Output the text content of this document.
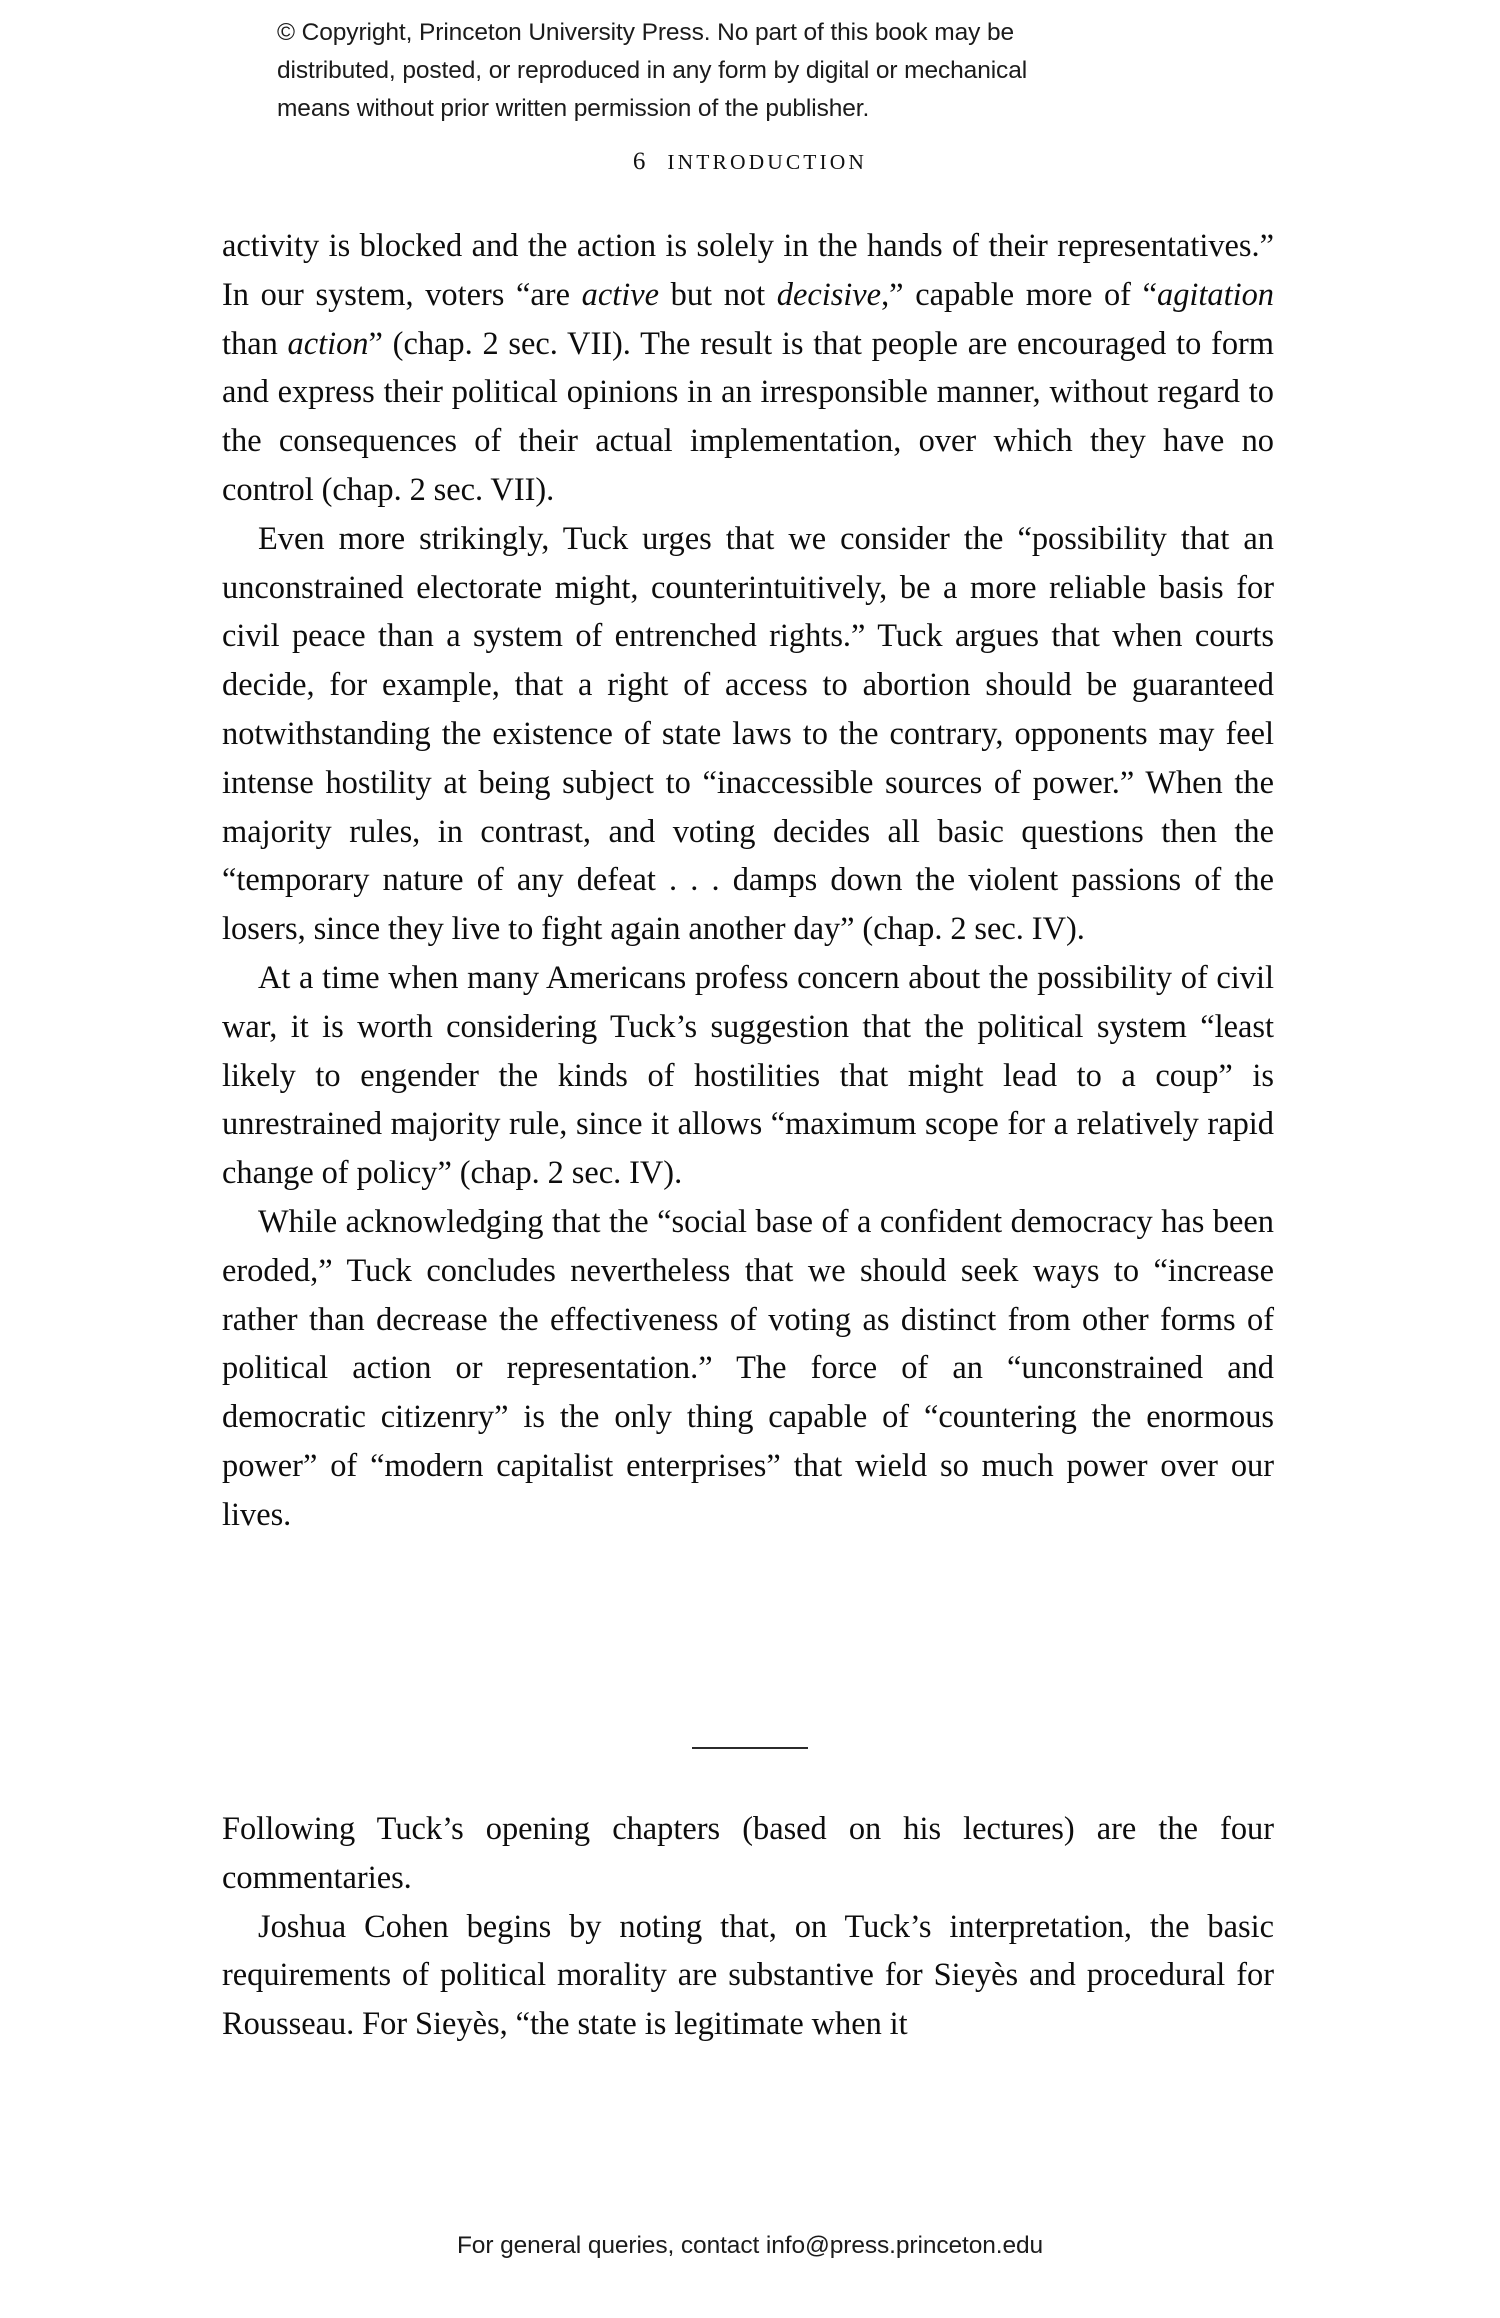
© Copyright, Princeton University Press. No part of this book may be
distributed, posted, or reproduced in any form by digital or mechanical
means without prior written permission of the publisher.
6 INTRODUCTION

activity is blocked and the action is solely in the hands of their representatives.” In our system, voters “are active but not decisive,” capable more of “agitation than action” (chap. 2 sec. VII). The result is that people are encouraged to form and express their political opinions in an irresponsible manner, without regard to the consequences of their actual implementation, over which they have no control (chap. 2 sec. VII).

Even more strikingly, Tuck urges that we consider the “possibility that an unconstrained electorate might, counterintuitively, be a more reliable basis for civil peace than a system of entrenched rights.” Tuck argues that when courts decide, for example, that a right of access to abortion should be guaranteed notwithstanding the existence of state laws to the contrary, opponents may feel intense hostility at being subject to “inaccessible sources of power.” When the majority rules, in contrast, and voting decides all basic questions then the “temporary nature of any defeat . . . damps down the violent passions of the losers, since they live to fight again another day” (chap. 2 sec. IV).

At a time when many Americans profess concern about the possibility of civil war, it is worth considering Tuck’s suggestion that the political system “least likely to engender the kinds of hostilities that might lead to a coup” is unrestrained majority rule, since it allows “maximum scope for a relatively rapid change of policy” (chap. 2 sec. IV).

While acknowledging that the “social base of a confident democracy has been eroded,” Tuck concludes nevertheless that we should seek ways to “increase rather than decrease the effectiveness of voting as distinct from other forms of political action or representation.” The force of an “unconstrained and democratic citizenry” is the only thing capable of “countering the enormous power” of “modern capitalist enterprises” that wield so much power over our lives.

Following Tuck’s opening chapters (based on his lectures) are the four commentaries.

Joshua Cohen begins by noting that, on Tuck’s interpretation, the basic requirements of political morality are substantive for Sieyès and procedural for Rousseau. For Sieyès, “the state is legitimate when it

For general queries, contact info@press.princeton.edu
